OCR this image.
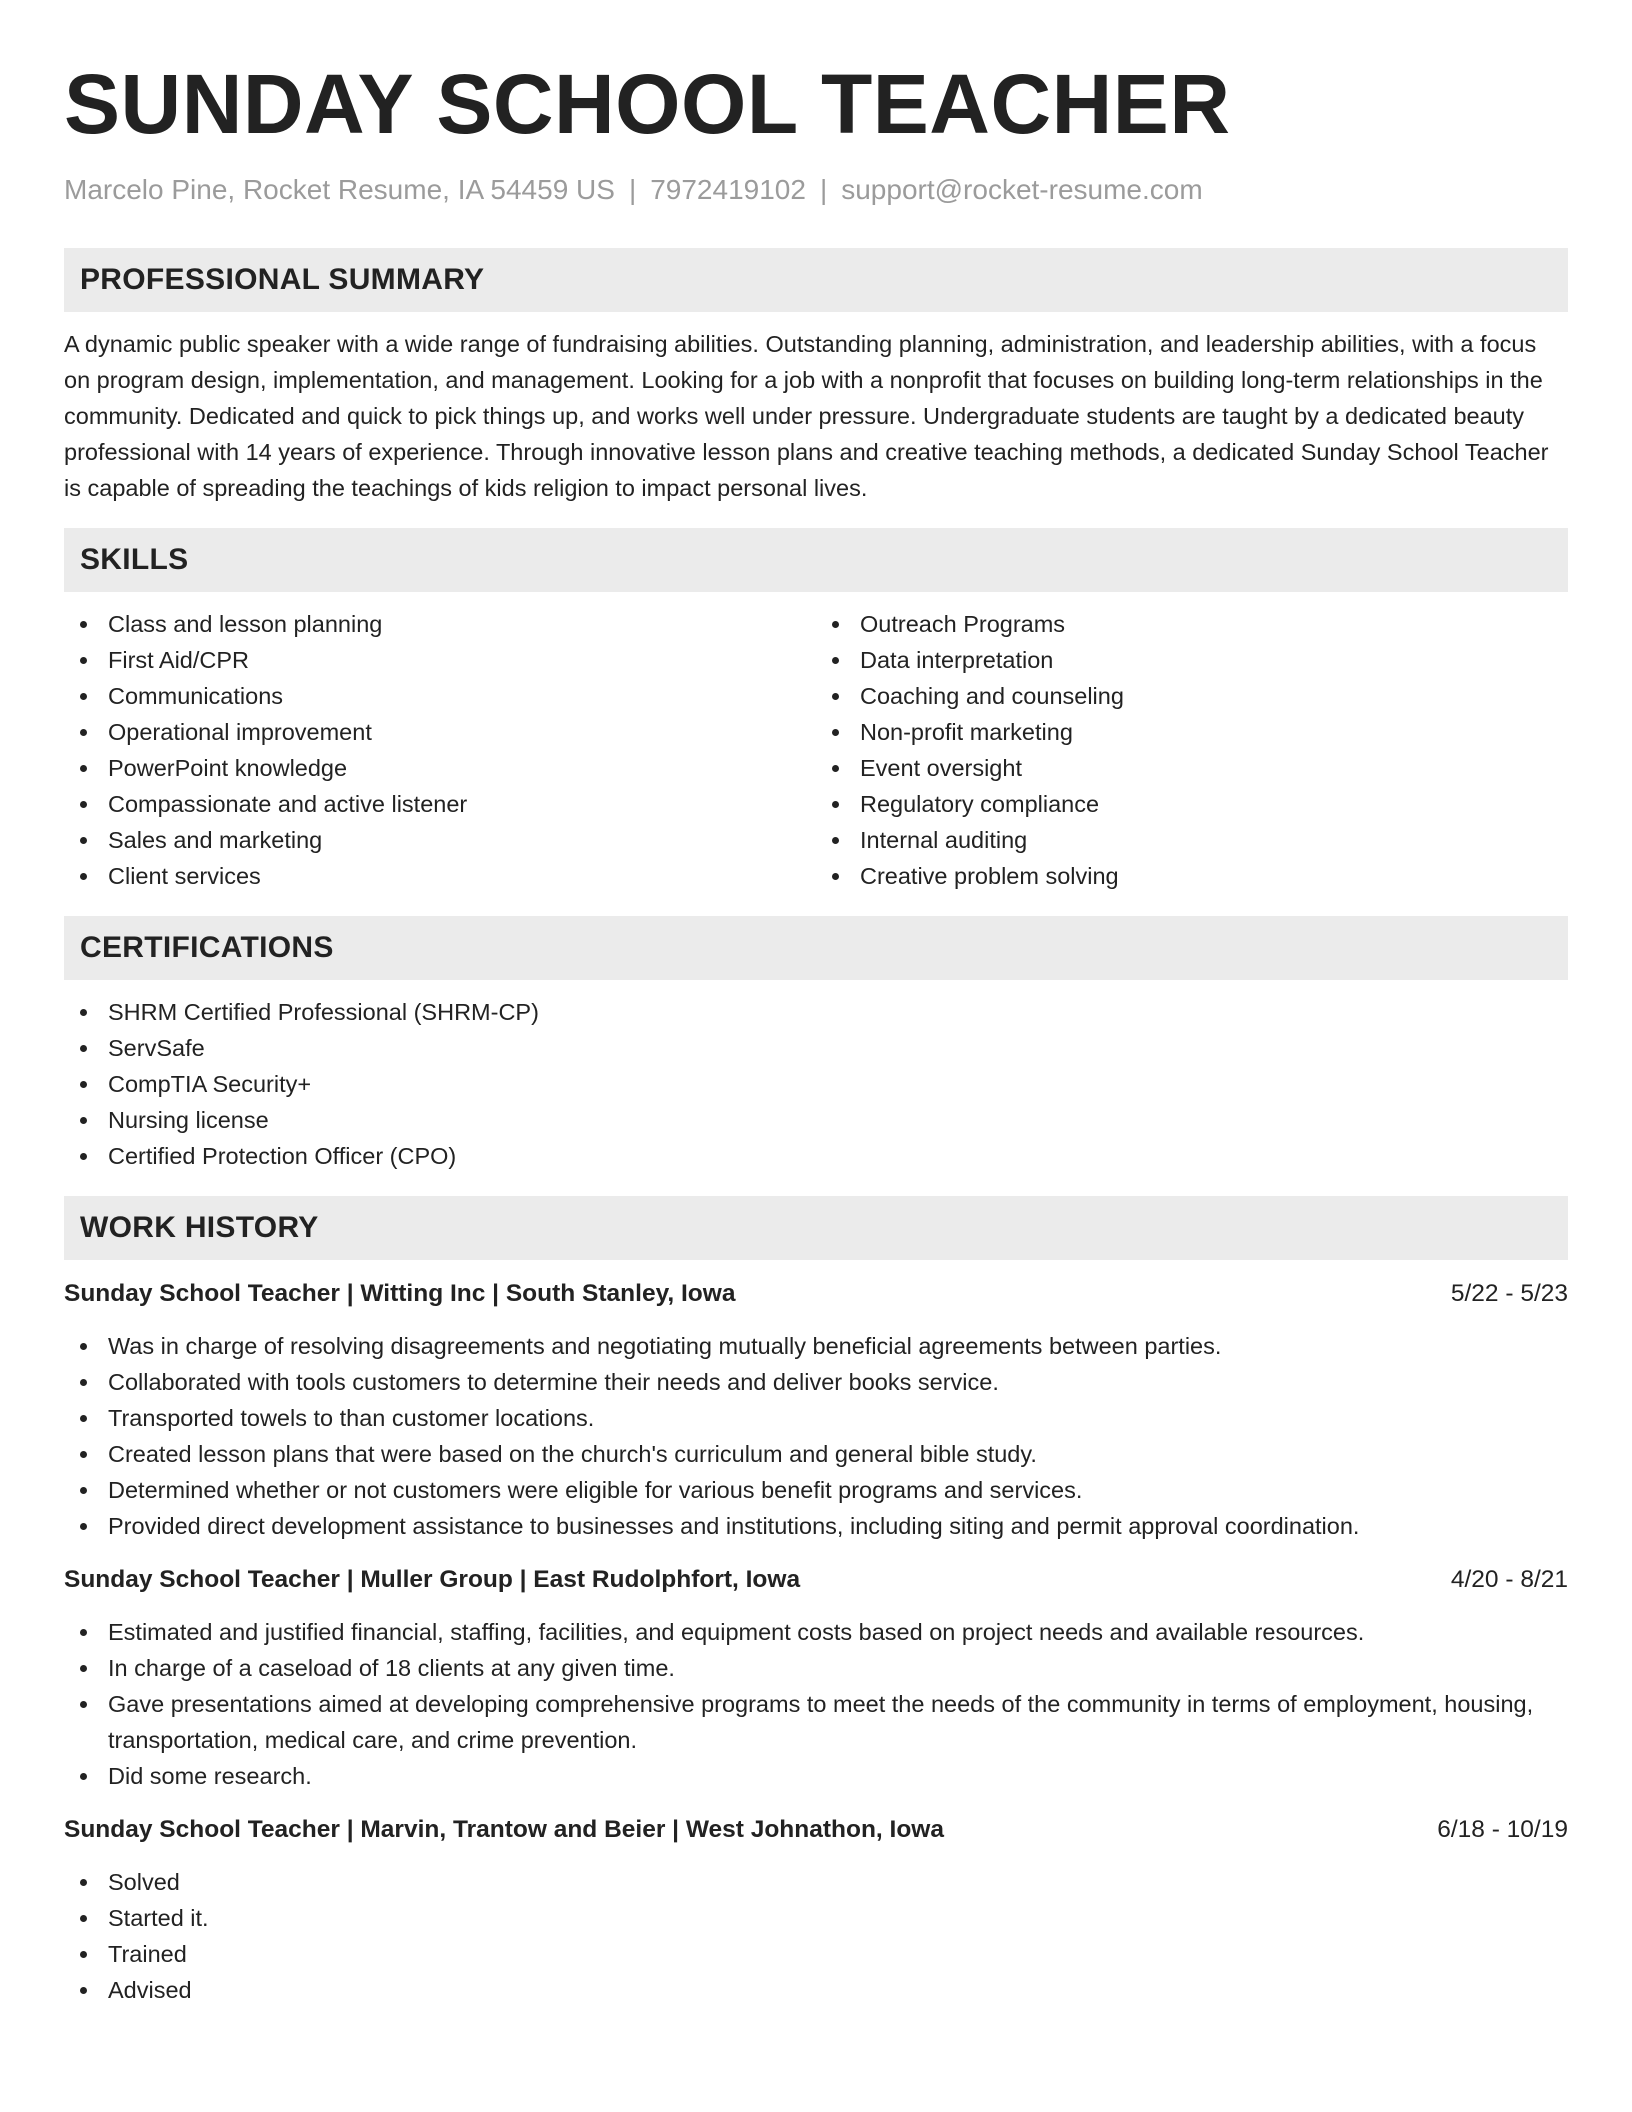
SUNDAY SCHOOL TEACHER
Marcelo Pine, Rocket Resume, IA 54459 US | 7972419102 | support@rocket-resume.com
PROFESSIONAL SUMMARY

A dynamic public speaker with a wide range of fundraising abilities. Outstanding planning, administration, and leadership abilities, with a focus on program design, implementation, and management. Looking for a job with a nonprofit that focuses on building long-term relationships in the community. Dedicated and quick to pick things up, and works well under pressure. Undergraduate students are taught by a dedicated beauty professional with 14 years of experience. Through innovative lesson plans and creative teaching methods, a dedicated Sunday School Teacher is capable of spreading the teachings of kids religion to impact personal lives.

SKILLS
Class and lesson planning
First Aid/CPR
Communications
Operational improvement
PowerPoint knowledge
Compassionate and active listener
Sales and marketing
Client services
Outreach Programs
Data interpretation
Coaching and counseling
Non-profit marketing
Event oversight
Regulatory compliance
Internal auditing
Creative problem solving
CERTIFICATIONS
SHRM Certified Professional (SHRM-CP)
ServSafe
CompTIA Security+
Nursing license
Certified Protection Officer (CPO)
WORK HISTORY
Sunday School Teacher | Witting Inc | South Stanley, Iowa	5/22 - 5/23
Was in charge of resolving disagreements and negotiating mutually beneficial agreements between parties.
Collaborated with tools customers to determine their needs and deliver books service.
Transported towels to than customer locations.
Created lesson plans that were based on the church's curriculum and general bible study.
Determined whether or not customers were eligible for various benefit programs and services.
Provided direct development assistance to businesses and institutions, including siting and permit approval coordination.
Sunday School Teacher | Muller Group | East Rudolphfort, Iowa	4/20 - 8/21
Estimated and justified financial, staffing, facilities, and equipment costs based on project needs and available resources.
In charge of a caseload of 18 clients at any given time.
Gave presentations aimed at developing comprehensive programs to meet the needs of the community in terms of employment, housing, transportation, medical care, and crime prevention.
Did some research.
Sunday School Teacher | Marvin, Trantow and Beier | West Johnathon, Iowa	6/18 - 10/19
Solved
Started it.
Trained
Advised
